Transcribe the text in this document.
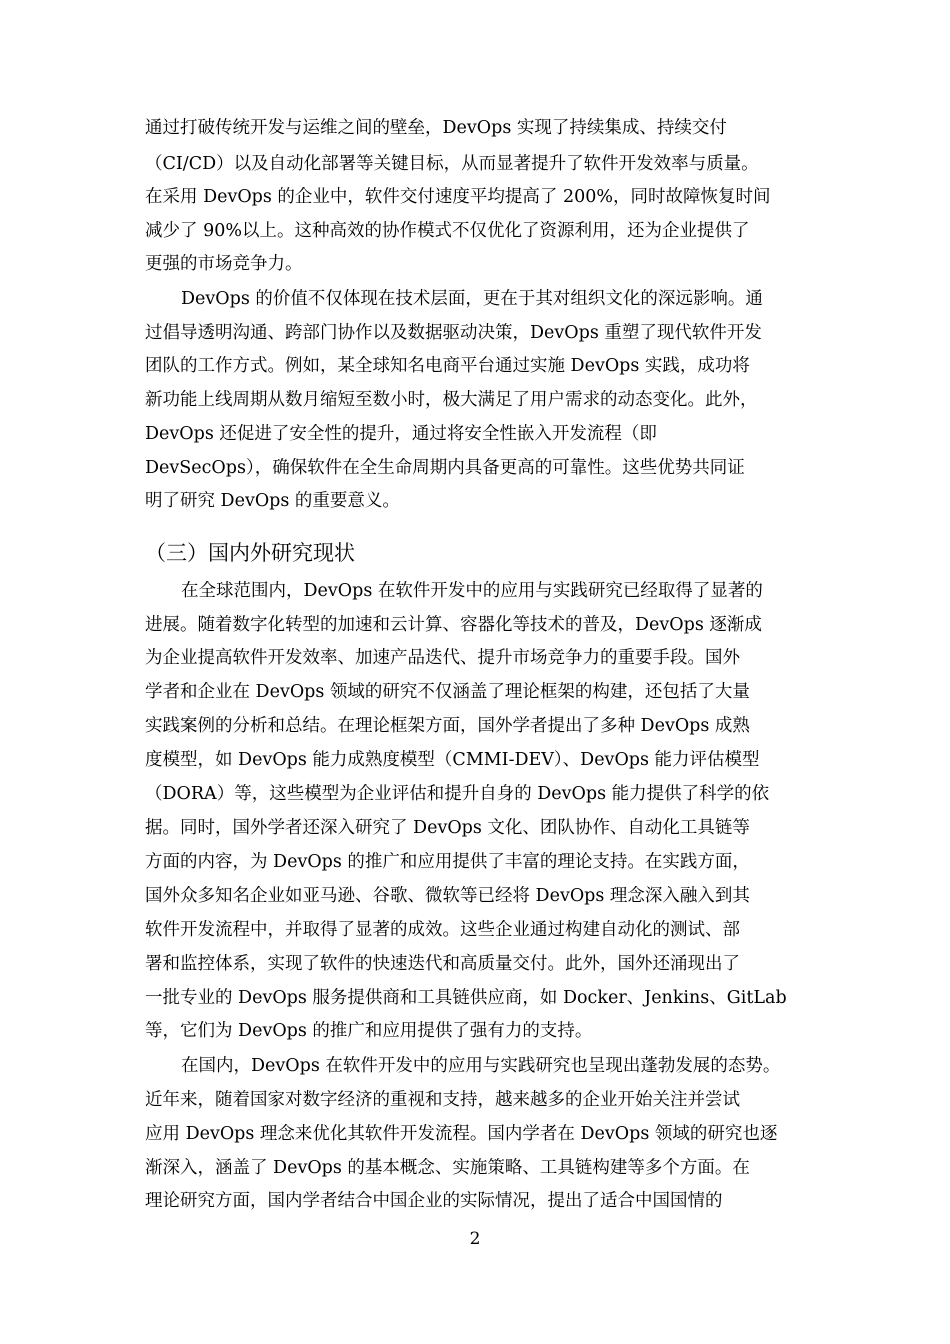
通过打破传统开发与运维之间的壁垒，DevOps 实现了持续集成、持续交付
（CI/CD）以及自动化部署等关键目标，从而显著提升了软件开发效率与质量。
在采用 DevOps 的企业中，软件交付速度平均提高了 200%，同时故障恢复时间
减少了 90%以上。这种高效的协作模式不仅优化了资源利用，还为企业提供了
更强的市场竞争力。
DevOps 的价值不仅体现在技术层面，更在于其对组织文化的深远影响。通
过倡导透明沟通、跨部门协作以及数据驱动决策，DevOps 重塑了现代软件开发
团队的工作方式。例如，某全球知名电商平台通过实施 DevOps 实践，成功将
新功能上线周期从数月缩短至数小时，极大满足了用户需求的动态变化。此外，
DevOps 还促进了安全性的提升，通过将安全性嵌入开发流程（即
DevSecOps），确保软件在全生命周期内具备更高的可靠性。这些优势共同证
明了研究 DevOps 的重要意义。
（三）国内外研究现状
在全球范围内，DevOps 在软件开发中的应用与实践研究已经取得了显著的
进展。随着数字化转型的加速和云计算、容器化等技术的普及，DevOps 逐渐成
为企业提高软件开发效率、加速产品迭代、提升市场竞争力的重要手段。国外
学者和企业在 DevOps 领域的研究不仅涵盖了理论框架的构建，还包括了大量
实践案例的分析和总结。在理论框架方面，国外学者提出了多种 DevOps 成熟
度模型，如 DevOps 能力成熟度模型（CMMI-DEV）、DevOps 能力评估模型
（DORA）等，这些模型为企业评估和提升自身的 DevOps 能力提供了科学的依
据。同时，国外学者还深入研究了 DevOps 文化、团队协作、自动化工具链等
方面的内容，为 DevOps 的推广和应用提供了丰富的理论支持。在实践方面，
国外众多知名企业如亚马逊、谷歌、微软等已经将 DevOps 理念深入融入到其
软件开发流程中，并取得了显著的成效。这些企业通过构建自动化的测试、部
署和监控体系，实现了软件的快速迭代和高质量交付。此外，国外还涌现出了
一批专业的 DevOps 服务提供商和工具链供应商，如 Docker、Jenkins、GitLab
等，它们为 DevOps 的推广和应用提供了强有力的支持。
在国内，DevOps 在软件开发中的应用与实践研究也呈现出蓬勃发展的态势。
近年来，随着国家对数字经济的重视和支持，越来越多的企业开始关注并尝试
应用 DevOps 理念来优化其软件开发流程。国内学者在 DevOps 领域的研究也逐
渐深入，涵盖了 DevOps 的基本概念、实施策略、工具链构建等多个方面。在
理论研究方面，国内学者结合中国企业的实际情况，提出了适合中国国情的
2
